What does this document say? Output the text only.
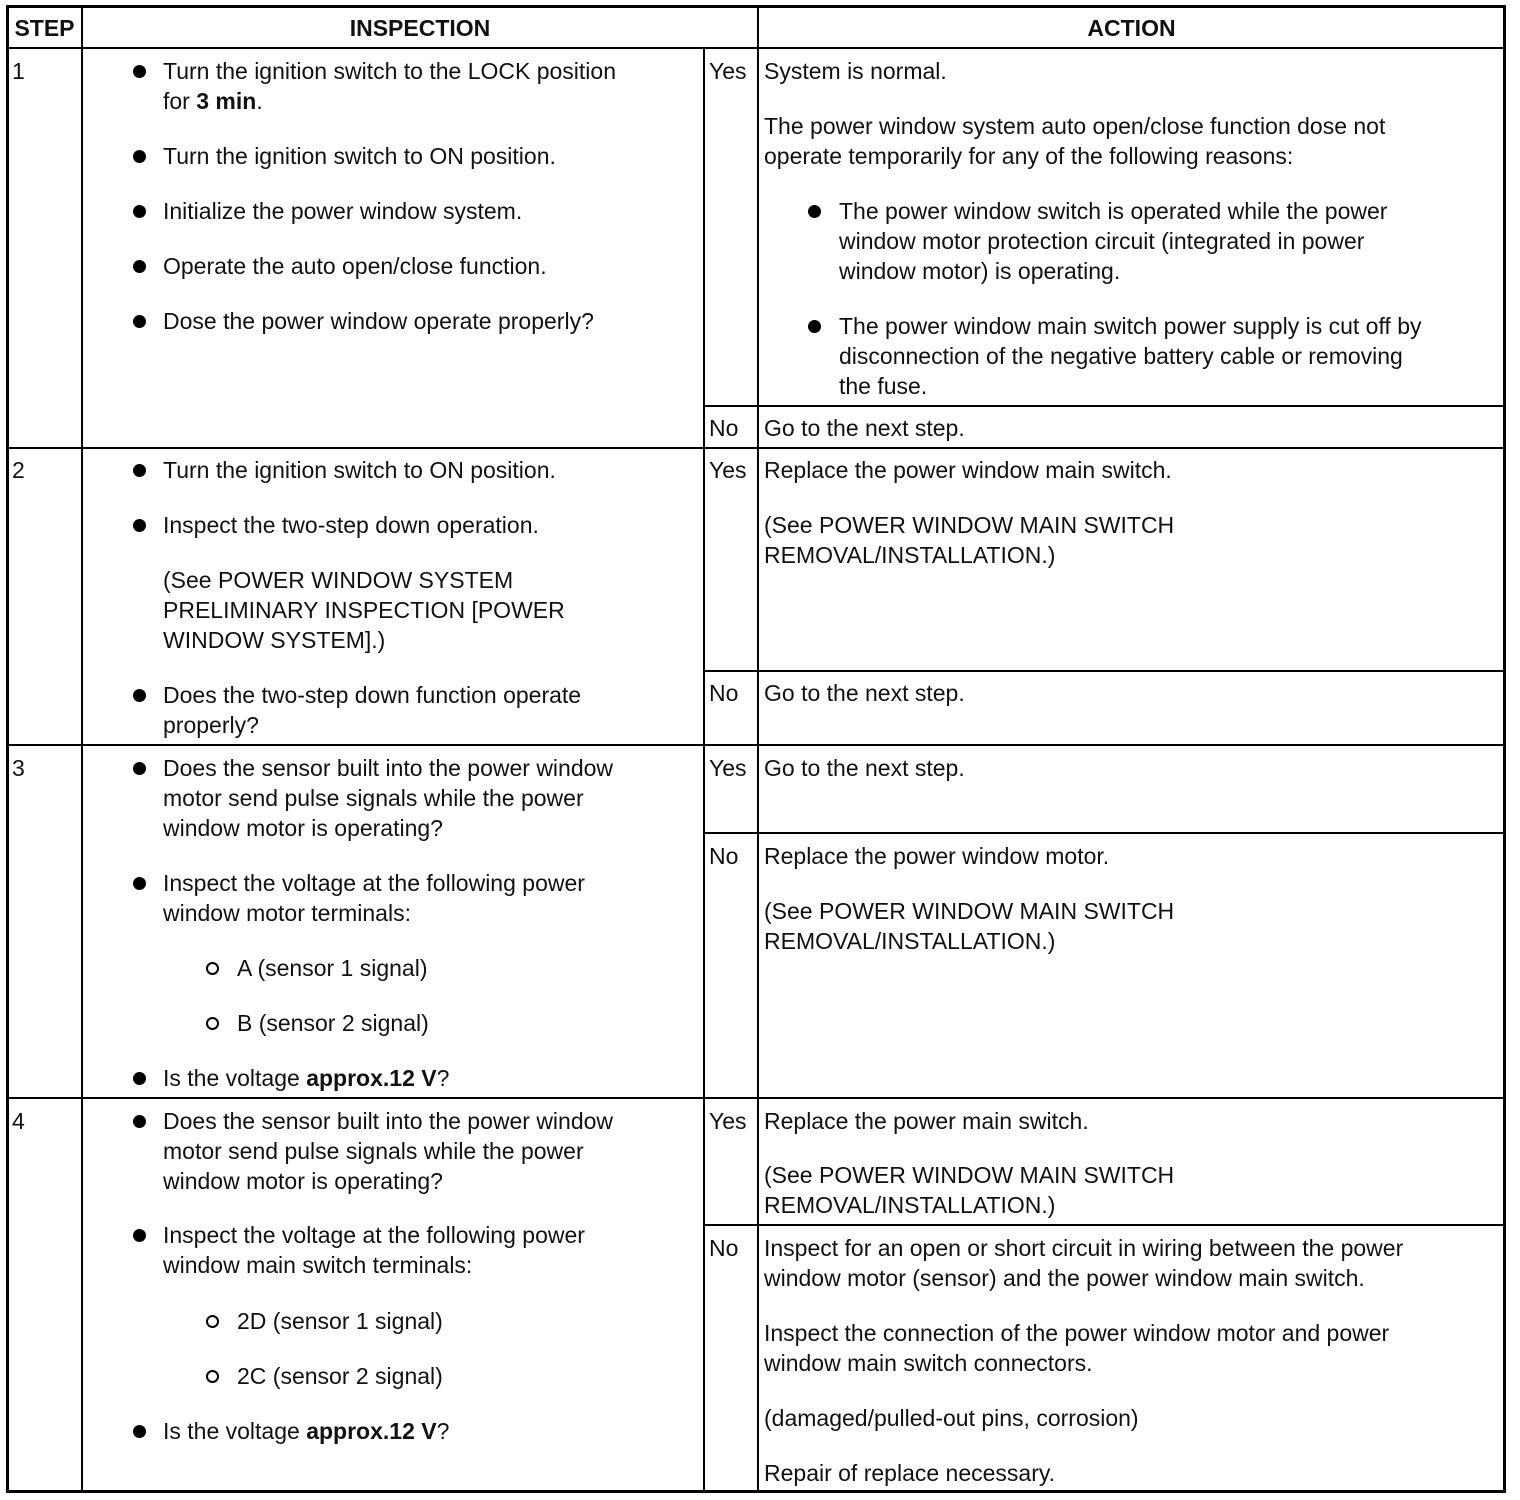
STEP	INSPECTION	ACTION
1	Turn the ignition switch to the LOCK position
for 3 min.
Turn the ignition switch to ON position.
Initialize the power window system.
Operate the auto open/close function.
Dose the power window operate properly?
Yes System is normal.
The power window system auto open/close function dose not
operate temporarily for any of the following reasons:
The power window switch is operated while the power
window motor protection circuit (integrated in power
window motor) is operating.
The power window main switch power supply is cut off by
disconnection of the negative battery cable or removing
the fuse.
No Go to the next step.
2	Turn the ignition switch to ON position.
Inspect the two-step down operation.
(See POWER WINDOW SYSTEM
PRELIMINARY INSPECTION [POWER
WINDOW SYSTEM].)
Does the two-step down function operate
properly?
Yes Replace the power window main switch.
(See POWER WINDOW MAIN SWITCH
REMOVAL/INSTALLATION.)
No Go to the next step.
3	Does the sensor built into the power window
motor send pulse signals while the power
window motor is operating?
Inspect the voltage at the following power
window motor terminals:
A (sensor 1 signal)
B (sensor 2 signal)
Is the voltage approx.12 V?
Yes Go to the next step.
No Replace the power window motor.
(See POWER WINDOW MAIN SWITCH
REMOVAL/INSTALLATION.)
4	Does the sensor built into the power window
motor send pulse signals while the power
window motor is operating?
Inspect the voltage at the following power
window main switch terminals:
2D (sensor 1 signal)
2C (sensor 2 signal)
Is the voltage approx.12 V?
Yes Replace the power main switch.
(See POWER WINDOW MAIN SWITCH
REMOVAL/INSTALLATION.)
No Inspect for an open or short circuit in wiring between the power
window motor (sensor) and the power window main switch.
Inspect the connection of the power window motor and power
window main switch connectors.
(damaged/pulled-out pins, corrosion)
Repair of replace necessary.
